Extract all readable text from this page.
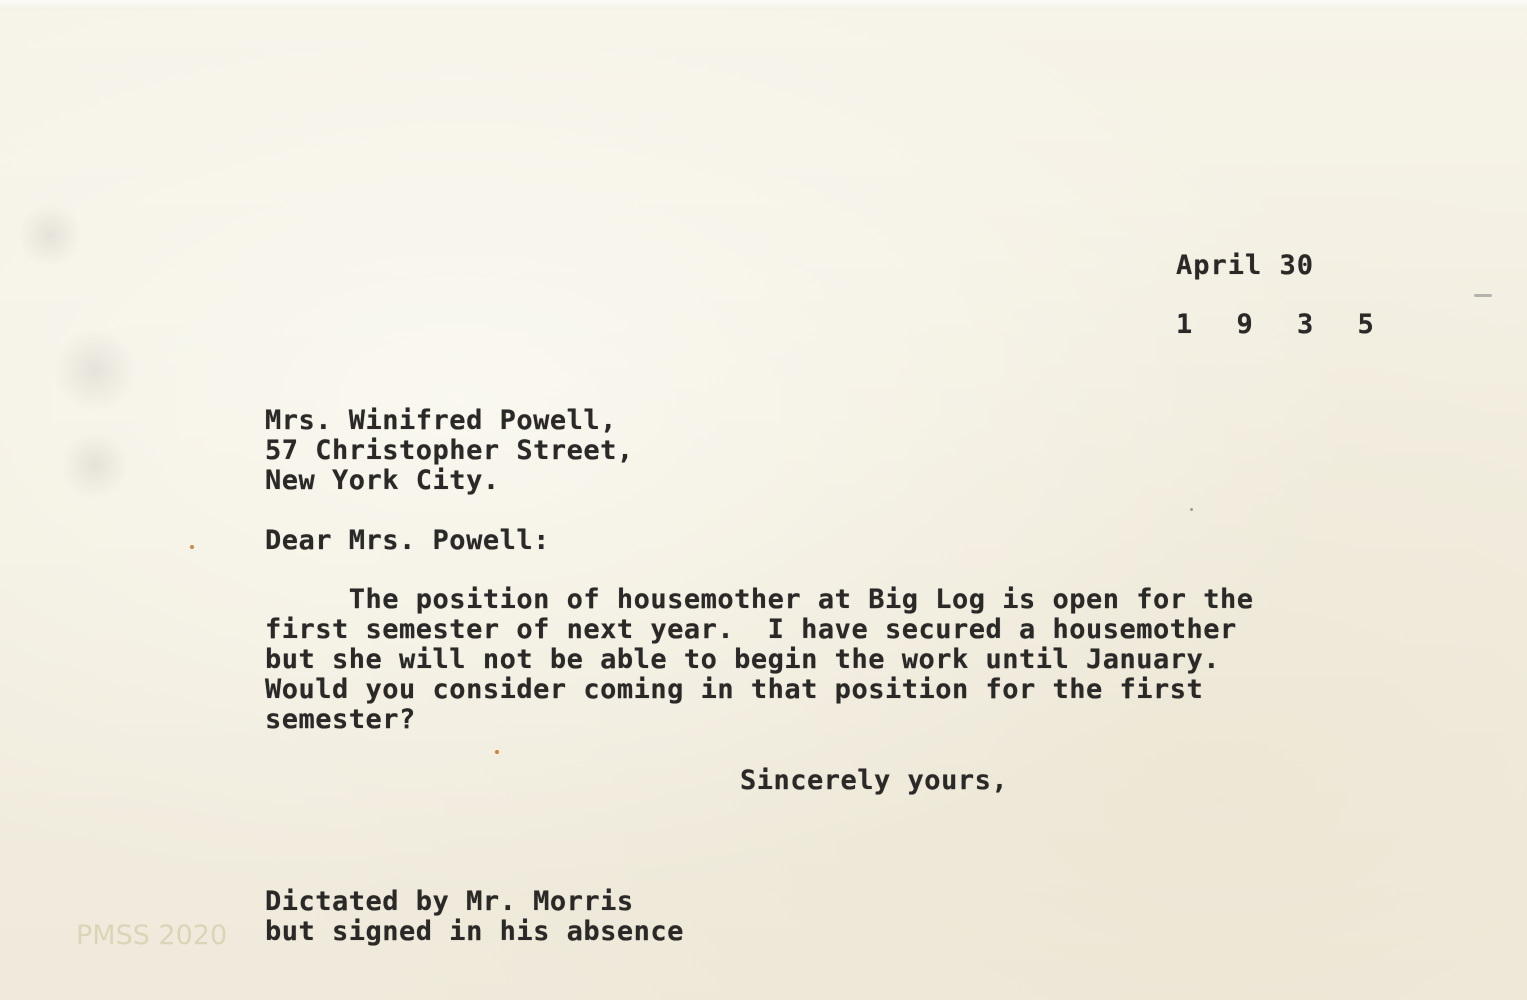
April 30
1 9 3 5
Mrs. Winifred Powell,
57 Christopher Street,
New York City.
Dear Mrs. Powell:
The position of housemother at Big Log is open for the
first semester of next year.  I have secured a housemother
but she will not be able to begin the work until January.
Would you consider coming in that position for the first
semester?
Sincerely yours,
Dictated by Mr. Morris
but signed in his absence
PMSS 2020
